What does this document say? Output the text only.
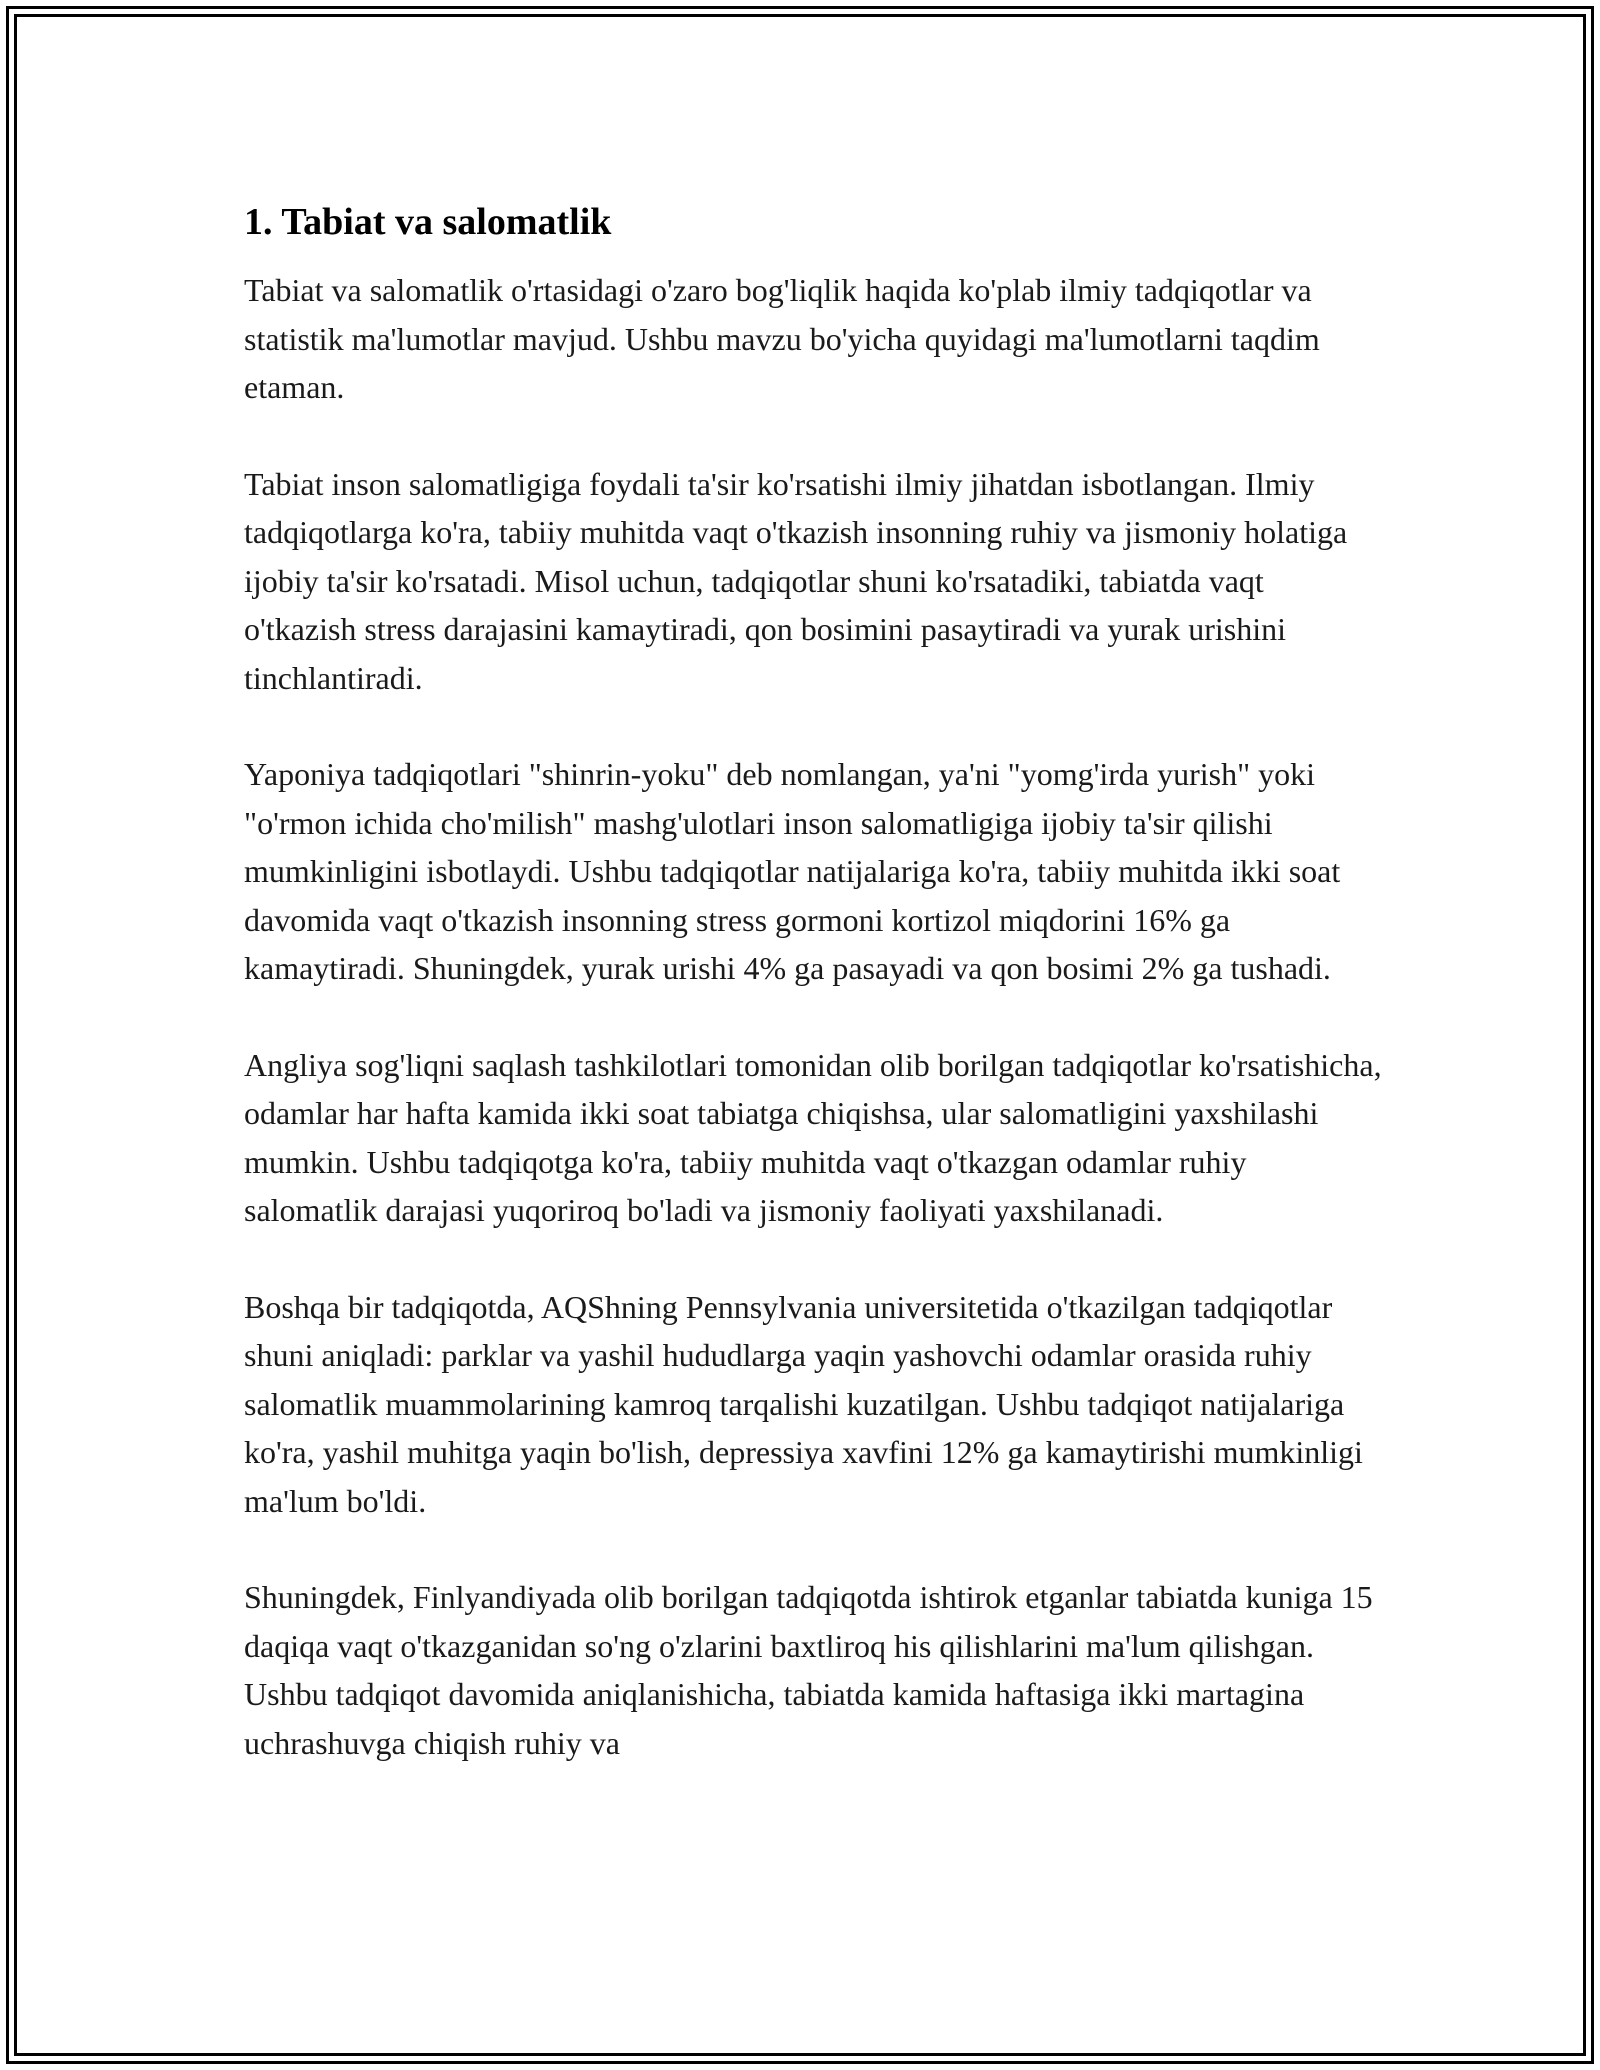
1. Tabiat va salomatlik

Tabiat va salomatlik o'rtasidagi o'zaro bog'liqlik haqida ko'plab ilmiy tadqiqotlar va statistik ma'lumotlar mavjud. Ushbu mavzu bo'yicha quyidagi ma'lumotlarni taqdim etaman.

Tabiat inson salomatligiga foydali ta'sir ko'rsatishi ilmiy jihatdan isbotlangan. Ilmiy tadqiqotlarga ko'ra, tabiiy muhitda vaqt o'tkazish insonning ruhiy va jismoniy holatiga ijobiy ta'sir ko'rsatadi. Misol uchun, tadqiqotlar shuni ko'rsatadiki, tabiatda vaqt o'tkazish stress darajasini kamaytiradi, qon bosimini pasaytiradi va yurak urishini tinchlantiradi.

Yaponiya tadqiqotlari "shinrin-yoku" deb nomlangan, ya'ni "yomg'irda yurish" yoki "o'rmon ichida cho'milish" mashg'ulotlari inson salomatligiga ijobiy ta'sir qilishi mumkinligini isbotlaydi. Ushbu tadqiqotlar natijalariga ko'ra, tabiiy muhitda ikki soat davomida vaqt o'tkazish insonning stress gormoni kortizol miqdorini 16% ga kamaytiradi. Shuningdek, yurak urishi 4% ga pasayadi va qon bosimi 2% ga tushadi.

Angliya sog'liqni saqlash tashkilotlari tomonidan olib borilgan tadqiqotlar ko'rsatishicha, odamlar har hafta kamida ikki soat tabiatga chiqishsa, ular salomatligini yaxshilashi mumkin. Ushbu tadqiqotga ko'ra, tabiiy muhitda vaqt o'tkazgan odamlar ruhiy salomatlik darajasi yuqoriroq bo'ladi va jismoniy faoliyati yaxshilanadi.

Boshqa bir tadqiqotda, AQShning Pennsylvania universitetida o'tkazilgan tadqiqotlar shuni aniqladi: parklar va yashil hududlarga yaqin yashovchi odamlar orasida ruhiy salomatlik muammolarining kamroq tarqalishi kuzatilgan. Ushbu tadqiqot natijalariga ko'ra, yashil muhitga yaqin bo'lish, depressiya xavfini 12% ga kamaytirishi mumkinligi ma'lum bo'ldi.

Shuningdek, Finlyandiyada olib borilgan tadqiqotda ishtirok etganlar tabiatda kuniga 15 daqiqa vaqt o'tkazganidan so'ng o'zlarini baxtliroq his qilishlarini ma'lum qilishgan. Ushbu tadqiqot davomida aniqlanishicha, tabiatda kamida haftasiga ikki martagina uchrashuvga chiqish ruhiy va
